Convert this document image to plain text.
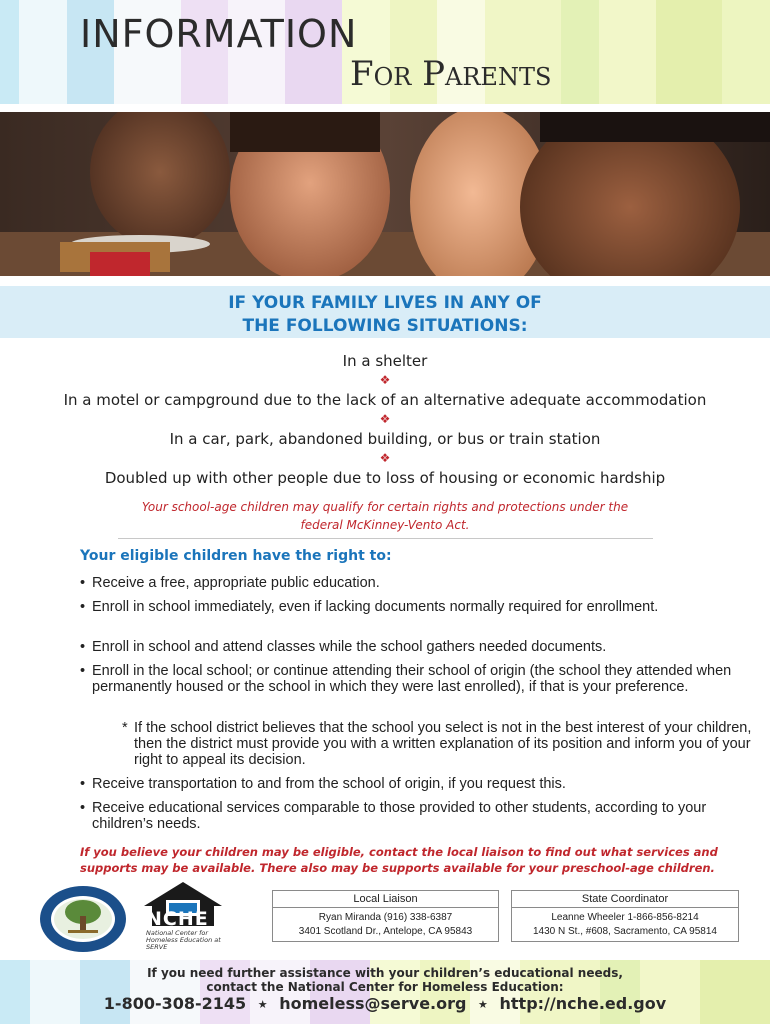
INFORMATION
For Parents
IF YOUR FAMILY LIVES IN ANY OF
THE FOLLOWING SITUATIONS:
In a shelter
❖
In a motel or campground due to the lack of an alternative adequate accommodation
❖
In a car, park, abandoned building, or bus or train station
❖
Doubled up with other people due to loss of housing or economic hardship
Your school-age children may qualify for certain rights and protections under the
federal McKinney-Vento Act.
Your eligible children have the right to:
• Receive a free, appropriate public education.
• Enroll in school immediately, even if lacking documents normally required for enrollment.
• Enroll in school and attend classes while the school gathers needed documents.
• Enroll in the local school; or continue attending their school of origin (the school they attended when permanently housed or the school in which they were last enrolled), if that is your preference.
* If the school district believes that the school you select is not in the best interest of your children, then the district must provide you with a written explanation of its position and inform you of your right to appeal its decision.
• Receive transportation to and from the school of origin, if you request this.
• Receive educational services comparable to those provided to other students, according to your children’s needs.
If you believe your children may be eligible, contact the local liaison to find out what services and
supports may be available. There also may be supports available for your preschool-age children.
NCHE
National Center for Homeless Education at SERVE
Local Liaison
Ryan Miranda (916) 338-6387
3401 Scotland Dr., Antelope, CA 95843
State Coordinator
Leanne Wheeler 1-866-856-8214
1430 N St., #608, Sacramento, CA 95814
If you need further assistance with your children’s educational needs,
contact the National Center for Homeless Education:
1-800-308-2145 ★ homeless@serve.org ★ http://nche.ed.gov
